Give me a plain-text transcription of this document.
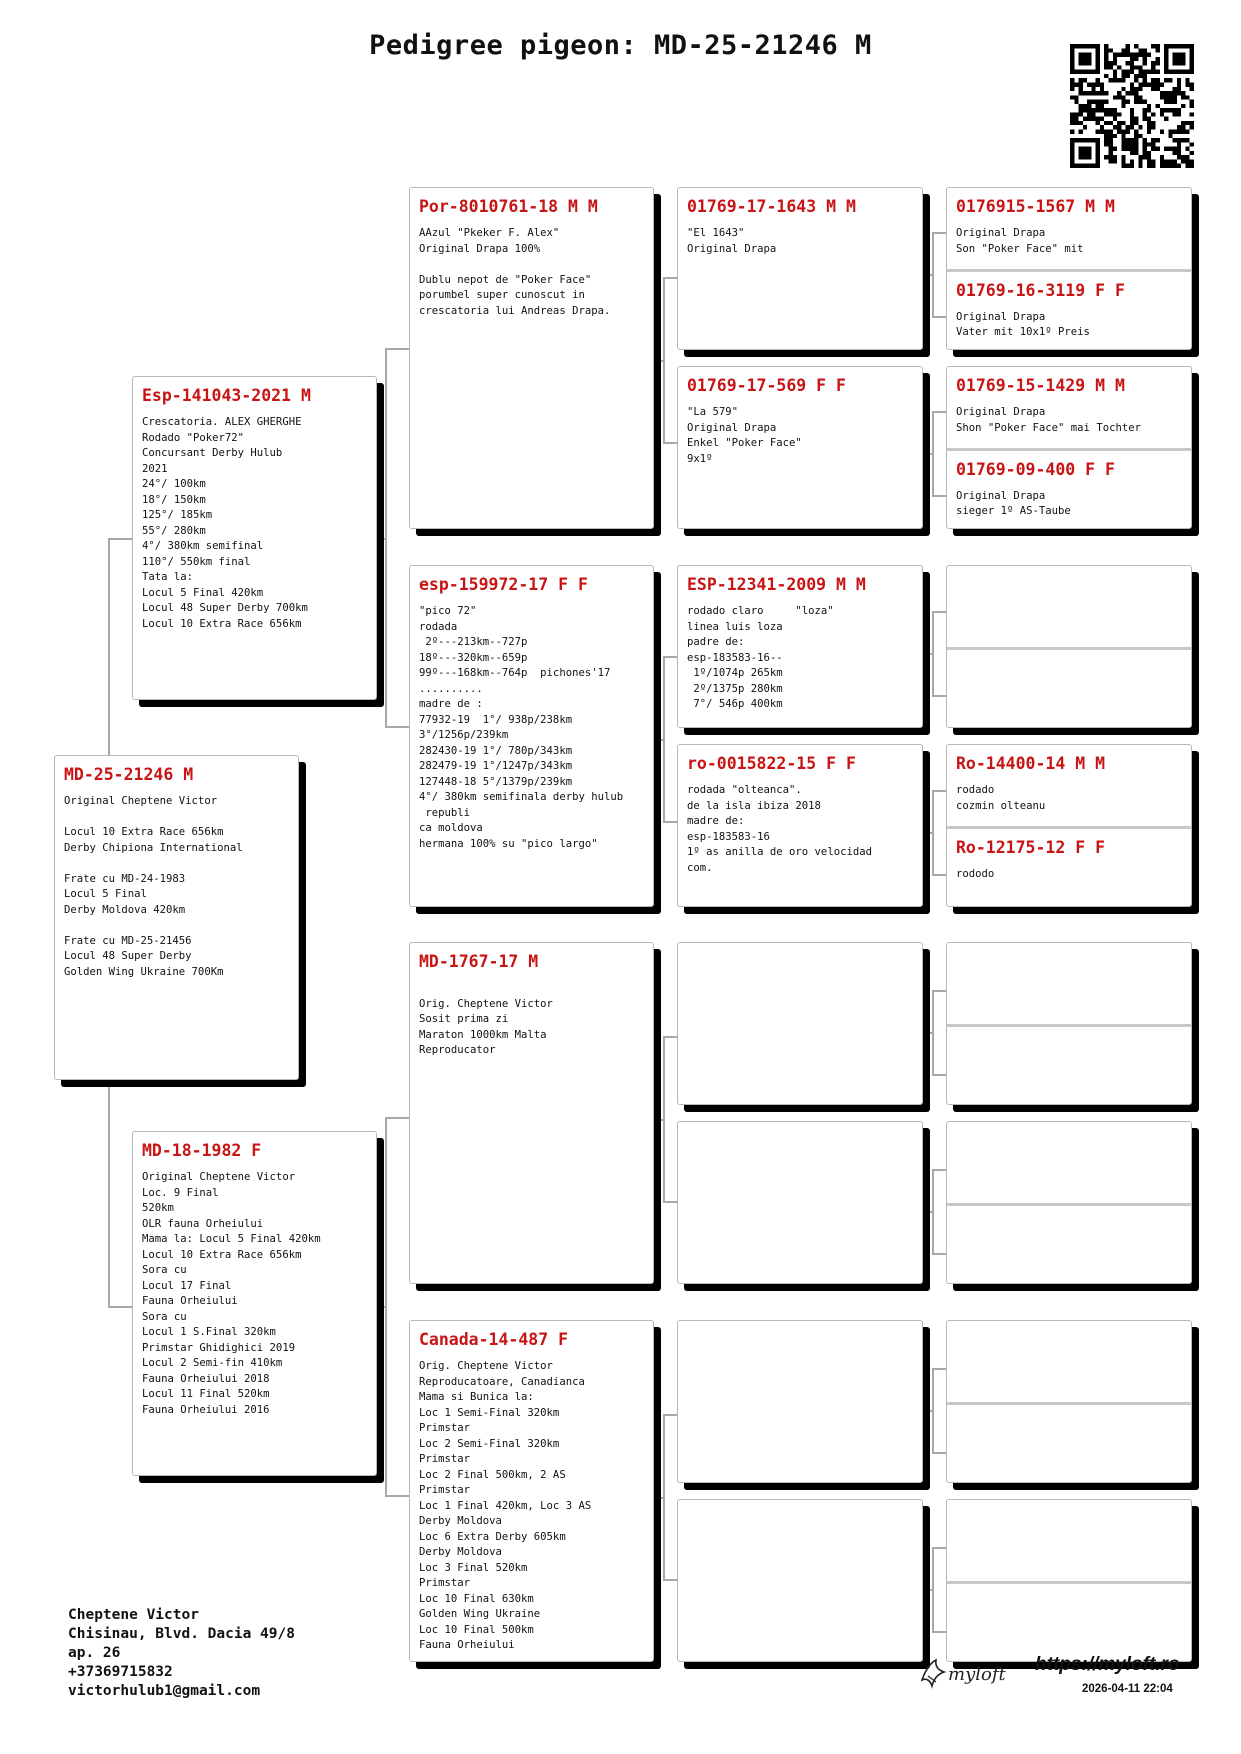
Pedigree pigeon: MD-25-21246 M
MD-25-21246 M
Original Cheptene Victor

Locul 10 Extra Race 656km
Derby Chipiona International

Frate cu MD-24-1983
Locul 5 Final
Derby Moldova 420km

Frate cu MD-25-21456
Locul 48 Super Derby
Golden Wing Ukraine 700Km
Esp-141043-2021 M
Crescatoria. ALEX GHERGHE
Rodado "Poker72"
Concursant Derby Hulub
2021
24°/ 100km
18°/ 150km
125°/ 185km
55°/ 280km
4°/ 380km semifinal
110°/ 550km final
Tata la:
Locul 5 Final 420km
Locul 48 Super Derby 700km
Locul 10 Extra Race 656km
MD-18-1982 F
Original Cheptene Victor
Loc. 9 Final
520km
OLR fauna Orheiului
Mama la: Locul 5 Final 420km
Locul 10 Extra Race 656km
Sora cu
Locul 17 Final
Fauna Orheiului
Sora cu
Locul 1 S.Final 320km
Primstar Ghidighici 2019
Locul 2 Semi-fin 410km
Fauna Orheiului 2018
Locul 11 Final 520km
Fauna Orheiului 2016
Por-8010761-18 M M
AAzul "Pkeker F. Alex"
Original Drapa 100%

Dublu nepot de "Poker Face" porumbel super cunoscut in crescatoria lui Andreas Drapa.
esp-159972-17 F F
"pico 72"
rodada
2º---213km--727p
18º---320km--659p
99º---168km--764p  pichones'17
..........
madre de :
77932-19  1°/ 938p/238km
3°/1256p/239km
282430-19 1°/ 780p/343km
282479-19 1°/1247p/343km
127448-18 5°/1379p/239km
4°/ 380km semifinala derby hulub
republi
ca moldova
hermana 100% su "pico largo"
MD-1767-17 M

Orig. Cheptene Victor
Sosit prima zi
Maraton 1000km Malta
Reproducator
Canada-14-487 F
Orig. Cheptene Victor
Reproducatoare, Canadianca
Mama si Bunica la:
Loc 1 Semi-Final 320km
Primstar
Loc 2 Semi-Final 320km
Primstar
Loc 2 Final 500km, 2 AS
Primstar
Loc 1 Final 420km, Loc 3 AS
Derby Moldova
Loc 6 Extra Derby 605km
Derby Moldova
Loc 3 Final 520km
Primstar
Loc 10 Final 630km
Golden Wing Ukraine
Loc 10 Final 500km
Fauna Orheiului
01769-17-1643 M M
"El 1643"
Original Drapa
01769-17-569 F F
"La 579"
Original Drapa
Enkel "Poker Face"
9x1º
ESP-12341-2009 M M
rodado claro     "loza"
linea luis loza
padre de:
esp-183583-16--
1º/1074p 265km
2º/1375p 280km
7°/ 546p 400km
ro-0015822-15 F F
rodada "olteanca".
de la isla ibiza 2018
madre de:
esp-183583-16
1º as anilla de oro velocidad    com.
0176915-1567 M M
Original Drapa
Son "Poker Face" mit
01769-16-3119 F F
Original Drapa
Vater mit 10x1º Preis
01769-15-1429 M M
Original Drapa
Shon "Poker Face" mai Tochter
01769-09-400 F F
Original Drapa
sieger 1º AS-Taube
Ro-14400-14 M M
rodado
cozmin olteanu
Ro-12175-12 F F
rododo
Cheptene Victor
Chisinau, Blvd. Dacia 49/8
ap. 26
+37369715832
victorhulub1@gmail.com
myloft https://myloft.ro
2026-04-11 22:04
